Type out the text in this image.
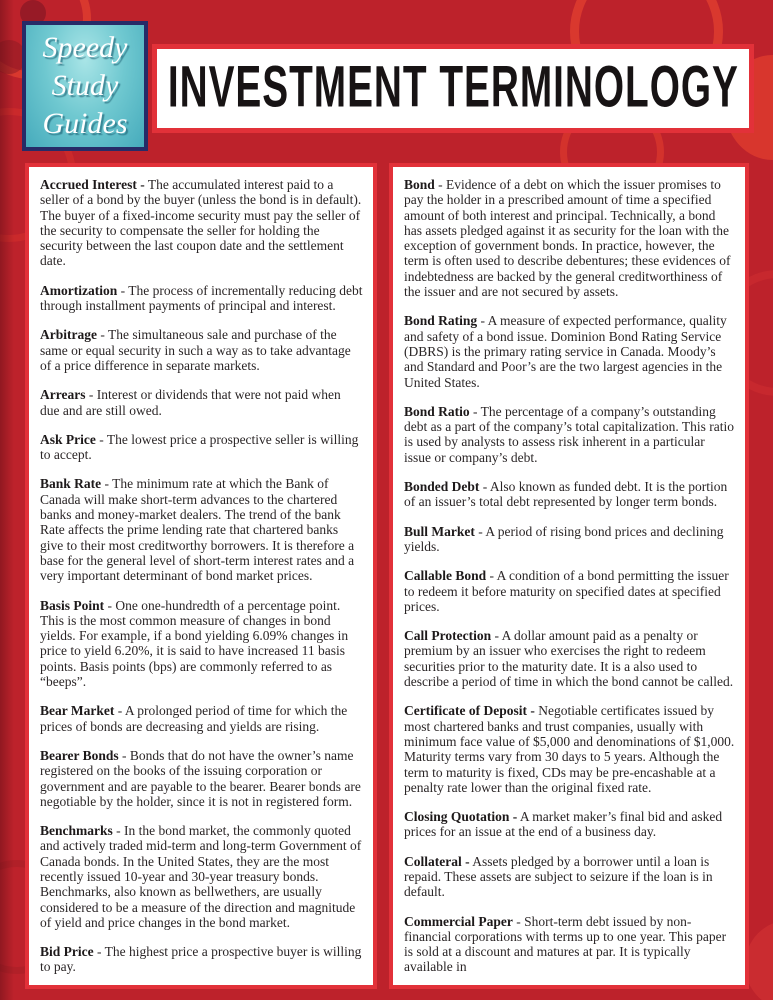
Speedy
Study
Guides
INVESTMENT TERMINOLOGY

Accrued Interest - The accumulated interest paid to a seller of a bond by the buyer (unless the bond is in default). The buyer of a fixed-income security must pay the seller of the security to compensate the seller for holding the security between the last coupon date and the settlement date.

Amortization - The process of incrementally reducing debt through installment payments of principal and interest.

Arbitrage - The simultaneous sale and purchase of the same or equal security in such a way as to take advantage of a price difference in separate markets.

Arrears - Interest or dividends that were not paid when due and are still owed.

Ask Price - The lowest price a prospective seller is willing to accept.

Bank Rate - The minimum rate at which the Bank of Canada will make short-term advances to the chartered banks and money-market dealers. The trend of the bank Rate affects the prime lending rate that chartered banks give to their most creditworthy borrowers. It is therefore a base for the general level of short-term interest rates and a very important determinant of bond market prices.

Basis Point - One one-hundredth of a percentage point. This is the most common measure of changes in bond yields. For example, if a bond yielding 6.09% changes in price to yield 6.20%, it is said to have increased 11 basis points. Basis points (bps) are commonly referred to as “beeps”.

Bear Market - A prolonged period of time for which the prices of bonds are decreasing and yields are rising.

Bearer Bonds - Bonds that do not have the owner’s name registered on the books of the issuing corporation or government and are payable to the bearer. Bearer bonds are negotiable by the holder, since it is not in registered form.

Benchmarks - In the bond market, the commonly quoted and actively traded mid-term and long-term Government of Canada bonds. In the United States, they are the most recently issued 10-year and 30-year treasury bonds. Benchmarks, also known as bellwethers, are usually considered to be a measure of the direction and magnitude of yield and price changes in the bond market.

Bid Price - The highest price a prospective buyer is willing to pay.

Bond - Evidence of a debt on which the issuer promises to pay the holder in a prescribed amount of time a specified amount of both interest and principal. Technically, a bond has assets pledged against it as security for the loan with the exception of government bonds. In practice, however, the term is often used to describe debentures; these evidences of indebtedness are backed by the general creditworthiness of the issuer and are not secured by assets.

Bond Rating - A measure of expected performance, quality and safety of a bond issue. Dominion Bond Rating Service (DBRS) is the primary rating service in Canada. Moody’s and Standard and Poor’s are the two largest agencies in the United States.

Bond Ratio - The percentage of a company’s outstanding debt as a part of the company’s total capitalization. This ratio is used by analysts to assess risk inherent in a particular issue or company’s debt.

Bonded Debt - Also known as funded debt. It is the portion of an issuer’s total debt represented by longer term bonds.

Bull Market - A period of rising bond prices and declining yields.

Callable Bond - A condition of a bond permitting the issuer to redeem it before maturity on specified dates at specified prices.

Call Protection - A dollar amount paid as a penalty or premium by an issuer who exercises the right to redeem securities prior to the maturity date. It is a also used to describe a period of time in which the bond cannot be called.

Certificate of Deposit - Negotiable certificates issued by most chartered banks and trust companies, usually with minimum face value of $5,000 and denominations of $1,000. Maturity terms vary from 30 days to 5 years. Although the term to maturity is fixed, CDs may be pre-encashable at a penalty rate lower than the original fixed rate.

Closing Quotation - A market maker’s final bid and asked prices for an issue at the end of a business day.

Collateral - Assets pledged by a borrower until a loan is repaid. These assets are subject to seizure if the loan is in default.

Commercial Paper - Short-term debt issued by non-financial corporations with terms up to one year. This paper is sold at a discount and matures at par. It is typically available in
